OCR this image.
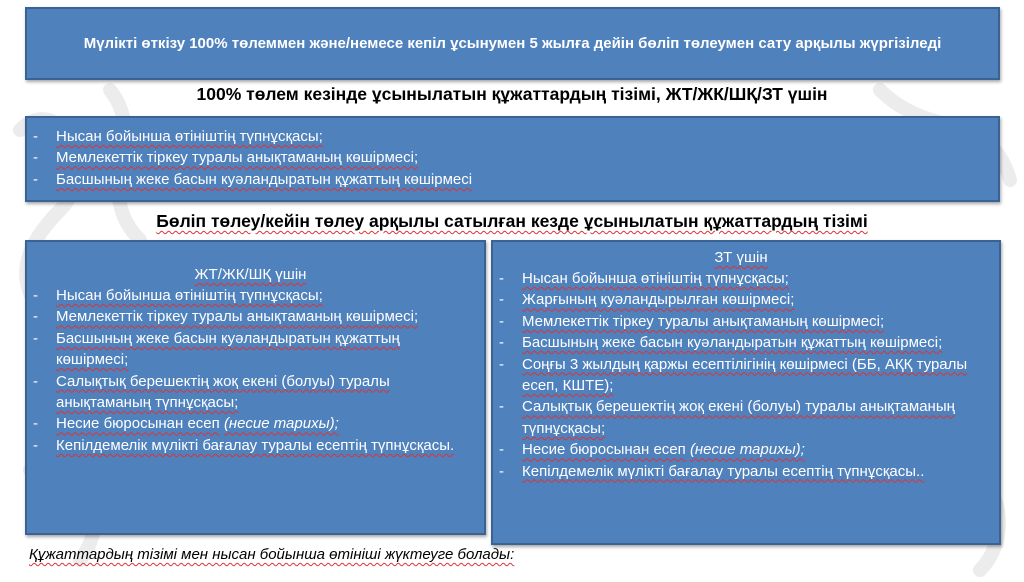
Мүлікті өткізу 100% төлеммен және/немесе кепіл ұсынумен 5 жылға дейін бөліп төлеумен сату арқылы жүргізіледі
100% төлем кезінде ұсынылатын құжаттардың тізімі, ЖТ/ЖК/ШҚ/ЗТ үшін
- Нысан бойынша өтініштің түпнұсқасы;
- Мемлекеттік тіркеу туралы анықтаманың көшірмесі;
- Басшының жеке басын куәландыратын құжаттың көшірмесі
Бөліп төлеу/кейін төлеу арқылы сатылған кезде ұсынылатын құжаттардың тізімі
ЖТ/ЖК/ШҚ үшін
- Нысан бойынша өтініштің түпнұсқасы;
- Мемлекеттік тіркеу туралы анықтаманың көшірмесі;
- Басшының жеке басын куәландыратын құжаттың көшірмесі;
- Салықтық берешектің жоқ екені (болуы) туралы анықтаманың түпнұсқасы;
- Несие бюросынан есеп (несие тарихы);
- Кепілдемелік мүлікті бағалау туралы есептің түпнұсқасы.
ЗТ үшін
- Нысан бойынша өтініштің түпнұсқасы;
- Жарғының куәландырылған көшірмесі;
- Мемлекеттік тіркеу туралы анықтаманың көшірмесі;
- Басшының жеке басын куәландыратын құжаттың көшірмесі;
- Соңғы 3 жылдың қаржы есептілігінің көшірмесі (ББ, АҚҚ туралы есеп, КШТЕ);
- Салықтық берешектің жоқ екені (болуы) туралы анықтаманың түпнұсқасы;
- Несие бюросынан есеп (несие тарихы);
- Кепілдемелік мүлікті бағалау туралы есептің түпнұсқасы..
Құжаттардың тізімі мен нысан бойынша өтініші жүктеуге болады:
